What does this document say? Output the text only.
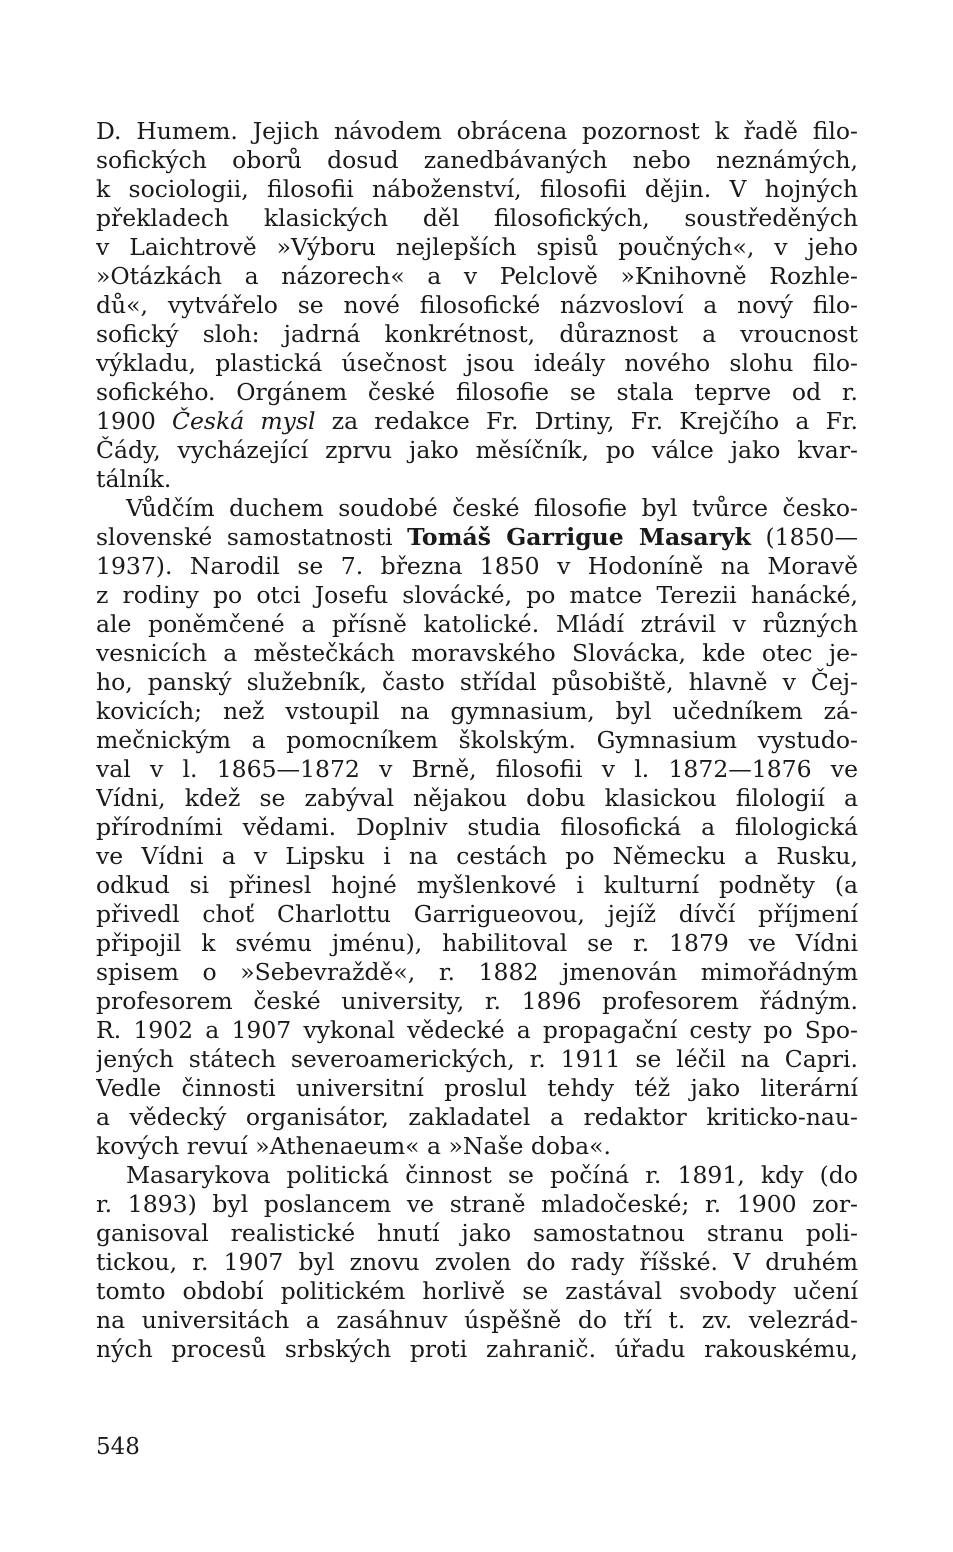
D. Humem. Jejich návodem obrácena pozornost k řadě filo-
sofických oborů dosud zanedbávaných nebo neznámých,
k sociologii, filosofii náboženství, filosofii dějin. V hojných
překladech klasických děl filosofických, soustředěných
v Laichtrově »Výboru nejlepších spisů poučných«, v jeho
»Otázkách a názorech« a v Pelclově »Knihovně Rozhle-
dů«, vytvářelo se nové filosofické názvosloví a nový filo-
sofický sloh: jadrná konkrétnost, důraznost a vroucnost
výkladu, plastická úsečnost jsou ideály nového slohu filo-
sofického. Orgánem české filosofie se stala teprve od r.
1900 Česká mysl za redakce Fr. Drtiny, Fr. Krejčího a Fr.
Čády, vycházející zprvu jako měsíčník, po válce jako kvar-
tálník.
Vůdčím duchem soudobé české filosofie byl tvůrce česko-
slovenské samostatnosti Tomáš Garrigue Masaryk (1850—
1937). Narodil se 7. března 1850 v Hodoníně na Moravě
z rodiny po otci Josefu slovácké, po matce Terezii hanácké,
ale poněmčené a přísně katolické. Mládí ztrávil v různých
vesnicích a městečkách moravského Slovácka, kde otec je-
ho, panský služebník, často střídal působiště, hlavně v Čej-
kovicích; než vstoupil na gymnasium, byl učedníkem zá-
mečnickým a pomocníkem školským. Gymnasium vystudo-
val v l. 1865—1872 v Brně, filosofii v l. 1872—1876 ve
Vídni, kdež se zabýval nějakou dobu klasickou filologií a
přírodními vědami. Doplniv studia filosofická a filologická
ve Vídni a v Lipsku i na cestách po Německu a Rusku,
odkud si přinesl hojné myšlenkové i kulturní podněty (a
přivedl choť Charlottu Garrigueovou, jejíž dívčí příjmení
připojil k svému jménu), habilitoval se r. 1879 ve Vídni
spisem o »Sebevraždě«, r. 1882 jmenován mimořádným
profesorem české university, r. 1896 profesorem řádným.
R. 1902 a 1907 vykonal vědecké a propagační cesty po Spo-
jených státech severoamerických, r. 1911 se léčil na Capri.
Vedle činnosti universitní proslul tehdy též jako literární
a vědecký organisátor, zakladatel a redaktor kriticko-nau-
kových revuí »Athenaeum« a »Naše doba«.
Masarykova politická činnost se počíná r. 1891, kdy (do
r. 1893) byl poslancem ve straně mladočeské; r. 1900 zor-
ganisoval realistické hnutí jako samostatnou stranu poli-
tickou, r. 1907 byl znovu zvolen do rady říšské. V druhém
tomto období politickém horlivě se zastával svobody učení
na universitách a zasáhnuv úspěšně do tří t. zv. velezrád-
ných procesů srbských proti zahranič. úřadu rakouskému,
548
